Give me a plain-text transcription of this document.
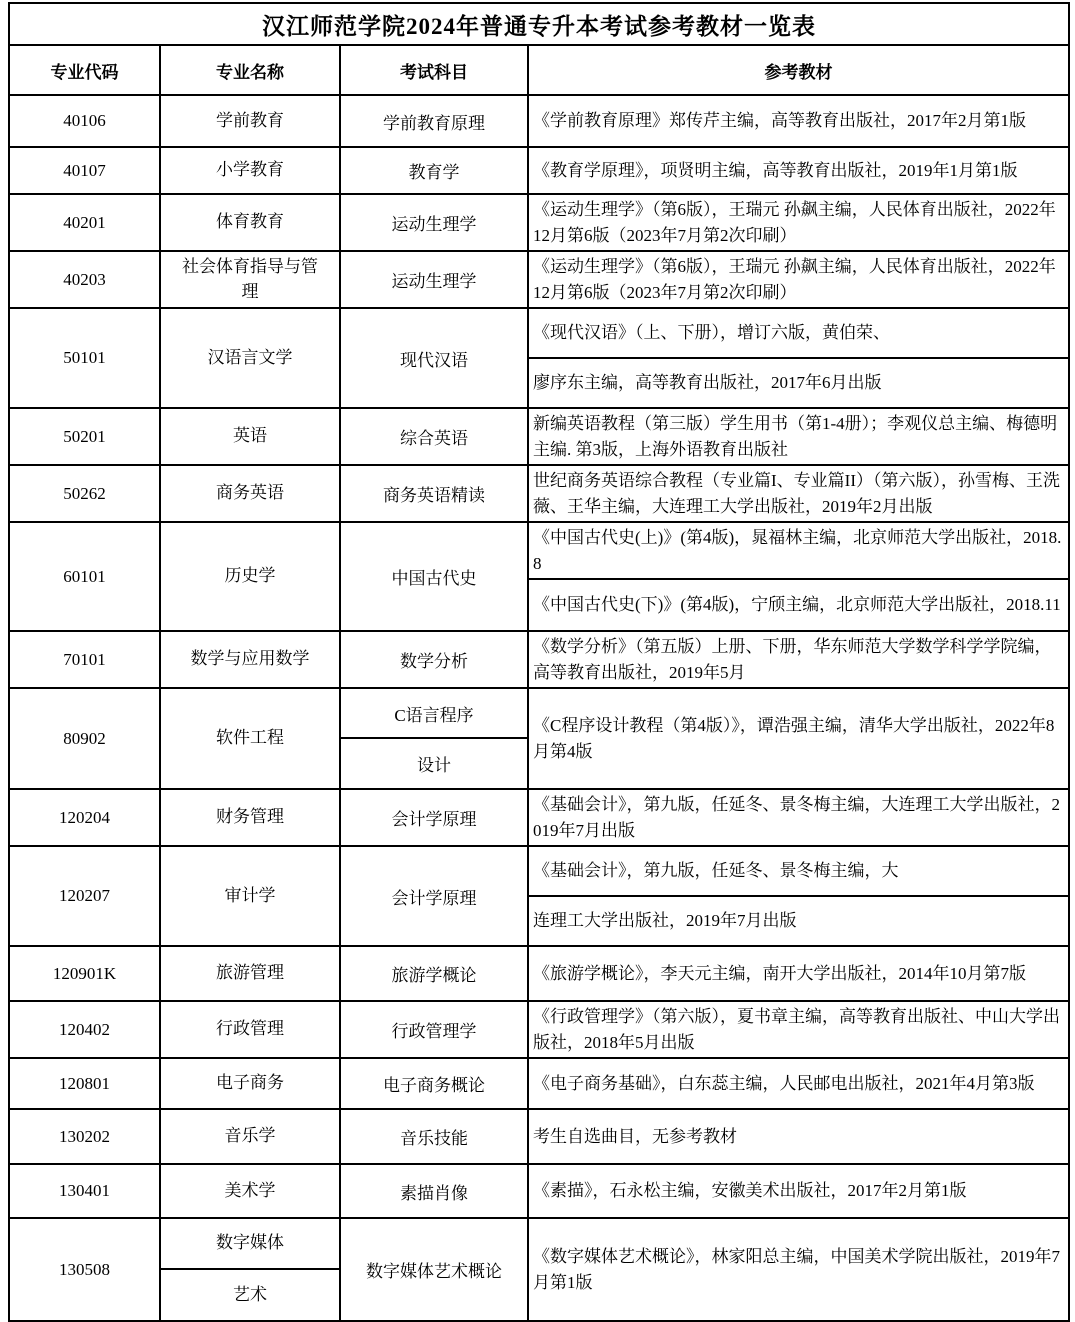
汉江师范学院2024年普通专升本考试参考教材一览表			
专业代码	专业名称	考试科目	参考教材
40106	学前教育	学前教育原理	《学前教育原理》郑传芹主编，高等教育出版社，2017年2月第1版
40107	小学教育	教育学	《教育学原理》，项贤明主编，高等教育出版社，2019年1月第1版
40201	体育教育	运动生理学	《运动生理学》（第6版），王瑞元 孙飙主编，人民体育出版社，2022年12月第6版（2023年7月第2次印刷）
40203	社会体育指导与管理	运动生理学	《运动生理学》（第6版），王瑞元 孙飙主编，人民体育出版社，2022年12月第6版（2023年7月第2次印刷）
50101	汉语言文学	现代汉语	《现代汉语》（上、下册），增订六版，黄伯荣、
			廖序东主编，高等教育出版社，2017年6月出版
50201	英语	综合英语	新编英语教程（第三版）学生用书（第1-4册）；李观仪总主编、梅德明主编. 第3版，上海外语教育出版社
50262	商务英语	商务英语精读	世纪商务英语综合教程（专业篇I、专业篇II）（第六版），孙雪梅、王洗薇、王华主编，大连理工大学出版社，2019年2月出版
60101	历史学	中国古代史	《中国古代史(上)》(第4版)，晁福林主编，北京师范大学出版社，2018.8
			《中国古代史(下)》(第4版)，宁颀主编，北京师范大学出版社，2018.11
70101	数学与应用数学	数学分析	《数学分析》（第五版）上册、下册，华东师范大学数学科学学院编，高等教育出版社，2019年5月
80902	软件工程	C语言程序	《C程序设计教程（第4版）》，谭浩强主编，清华大学出版社，2022年8月第4版
		设计	
120204	财务管理	会计学原理	《基础会计》，第九版，任延冬、景冬梅主编，大连理工大学出版社，2019年7月出版
120207	审计学	会计学原理	《基础会计》，第九版，任延冬、景冬梅主编，大
			连理工大学出版社，2019年7月出版
120901K	旅游管理	旅游学概论	《旅游学概论》，李天元主编，南开大学出版社，2014年10月第7版
120402	行政管理	行政管理学	《行政管理学》（第六版），夏书章主编，高等教育出版社、中山大学出版社，2018年5月出版
120801	电子商务	电子商务概论	《电子商务基础》，白东蕊主编，人民邮电出版社，2021年4月第3版
130202	音乐学	音乐技能	考生自选曲目，无参考教材
130401	美术学	素描肖像	《素描》，石永松主编，安徽美术出版社，2017年2月第1版
130508	数字媒体	数字媒体艺术概论	《数字媒体艺术概论》，林家阳总主编，中国美术学院出版社，2019年7月第1版
	艺术		
